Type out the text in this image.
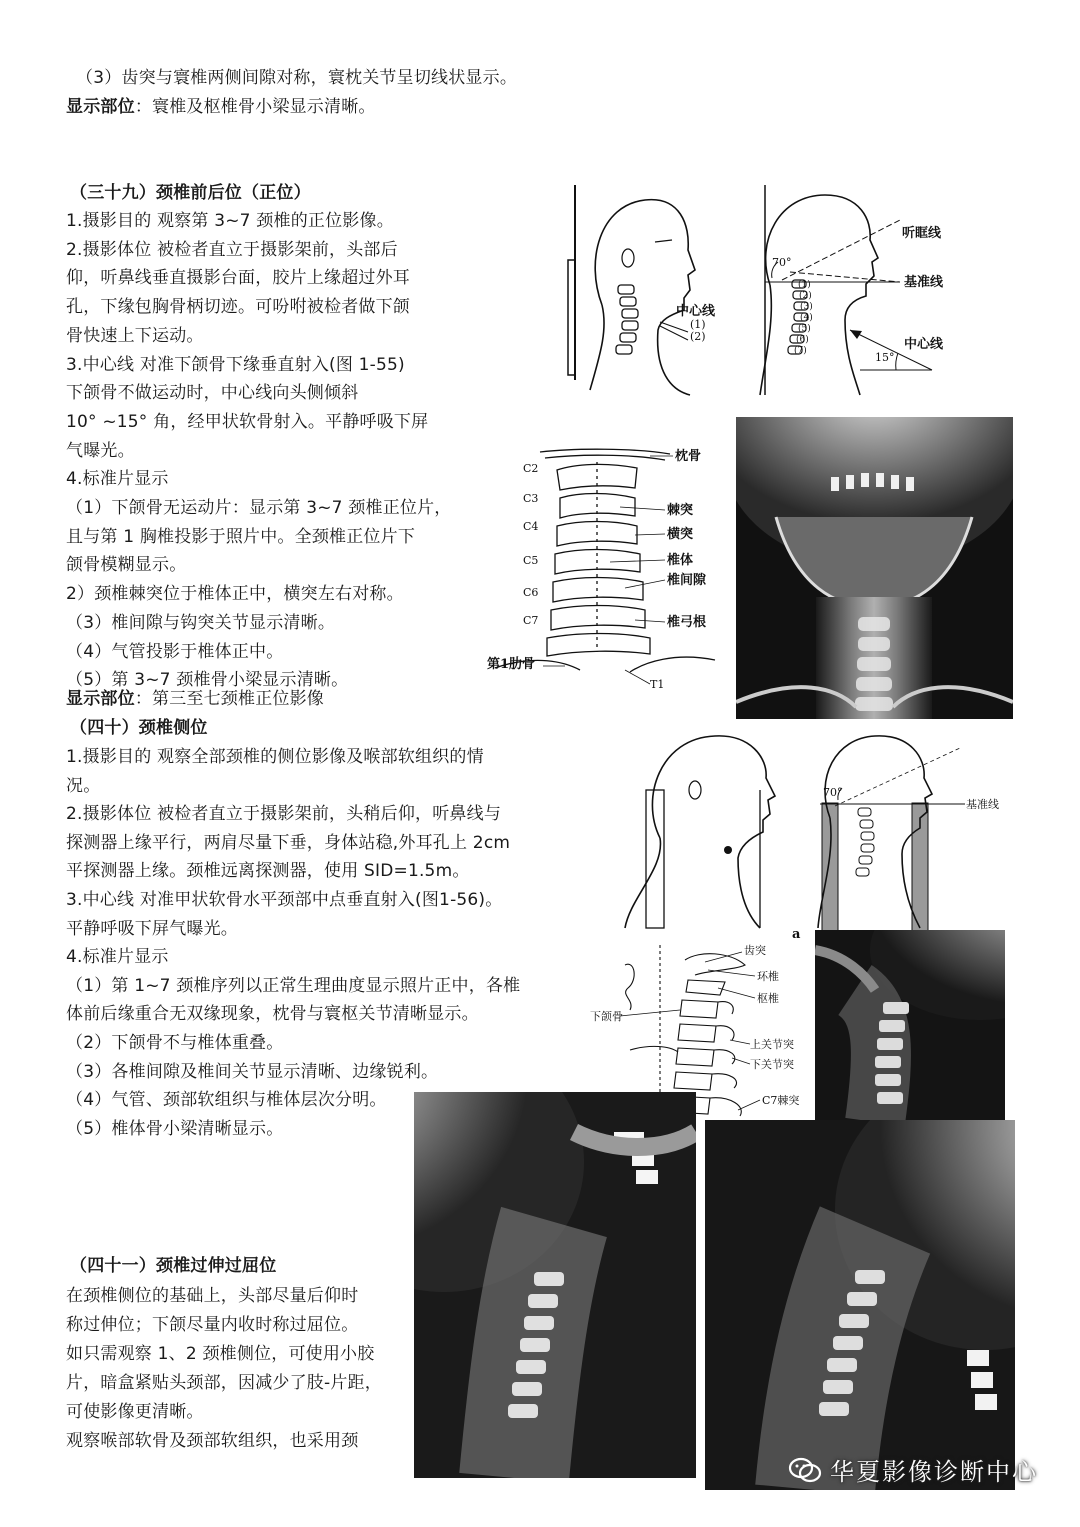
（3）齿突与寰椎两侧间隙对称，寰枕关节呈切线状显示。
显示部位：寰椎及枢椎骨小梁显示清晰。
（三十九）颈椎前后位（正位）
1.摄影目的 观察第 3~7 颈椎的正位影像。
2.摄影体位 被检者直立于摄影架前，头部后
仰，听鼻线垂直摄影台面，胶片上缘超过外耳
孔，下缘包胸骨柄切迹。可吩咐被检者做下颌
骨快速上下运动。
3.中心线 对准下颌骨下缘垂直射入(图 1-55)
下颌骨不做运动时，中心线向头侧倾斜
10° ~15° 角，经甲状软骨射入。平静呼吸下屏
气曝光。
4.标准片显示
（1）下颌骨无运动片：显示第 3~7 颈椎正位片，
且与第 1 胸椎投影于照片中。全颈椎正位片下
颌骨模糊显示。
2）颈椎棘突位于椎体正中，横突左右对称。
（3）椎间隙与钩突关节显示清晰。
（4）气管投影于椎体正中。
（5）第 3~7 颈椎骨小梁显示清晰。
显示部位：第三至七颈椎正位影像
（四十）颈椎侧位
1.摄影目的 观察全部颈椎的侧位影像及喉部软组织的情
况。
2.摄影体位 被检者直立于摄影架前，头稍后仰，听鼻线与
探测器上缘平行，两肩尽量下垂，身体站稳,外耳孔上 2cm
平探测器上缘。颈椎远离探测器，使用 SID=1.5m。
3.中心线 对准甲状软骨水平颈部中点垂直射入(图1-56)。
平静呼吸下屏气曝光。
4.标准片显示
（1）第 1~7 颈椎序列以正常生理曲度显示照片正中，各椎
体前后缘重合无双缘现象，枕骨与寰枢关节清晰显示。
（2）下颌骨不与椎体重叠。
（3）各椎间隙及椎间关节显示清晰、边缘锐利。
（4）气管、颈部软组织与椎体层次分明。
（5）椎体骨小梁清晰显示。
（四十一）颈椎过伸过屈位
在颈椎侧位的基础上，头部尽量后仰时
称过伸位；下颌尽量内收时称过屈位。
如只需观察 1、2 颈椎侧位，可使用小胶
片，暗盒紧贴头颈部，因减少了肢-片距，
可使影像更清晰。
观察喉部软骨及颈部软组织，也采用颈
中心线
(1)
(2)
(1)
(2)
(3)
(4)
(5)
(6)
(7)
70°
听眶线
基准线
15°
中心线
枕骨
棘突
横突
椎体
椎间隙
椎弓根
第1肋骨
C2
C3
C4
C5
C6
C7
T1
70°
基准线
a
齿突
环椎
枢椎
下颌骨
上关节突
下关节突
C7棘突
华夏影像诊断中心
